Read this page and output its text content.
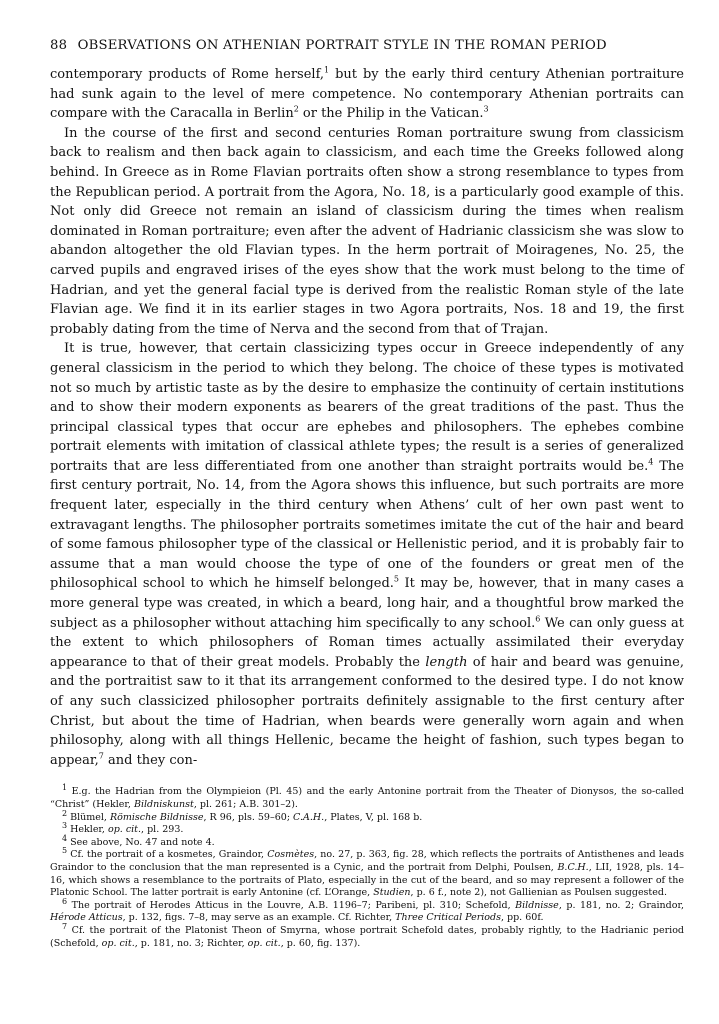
88 OBSERVATIONS ON ATHENIAN PORTRAIT STYLE IN THE ROMAN PERIOD

contemporary products of Rome herself,$^1$ but by the early third century Athenian portraiture had sunk again to the level of mere competence. No contemporary Athenian portraits can compare with the Caracalla in Berlin$^2$ or the Philip in the Vatican.$^3$

In the course of the first and second centuries Roman portraiture swung from classicism back to realism and then back again to classicism, and each time the Greeks followed along behind. In Greece as in Rome Flavian portraits often show a strong resemblance to types from the Republican period. A portrait from the Agora, No. 18, is a particularly good example of this. Not only did Greece not remain an island of classicism during the times when realism dominated in Roman portraiture; even after the advent of Hadrianic classicism she was slow to abandon altogether the old Flavian types. In the herm portrait of Moiragenes, No. 25, the carved pupils and engraved irises of the eyes show that the work must belong to the time of Hadrian, and yet the general facial type is derived from the realistic Roman style of the late Flavian age. We find it in its earlier stages in two Agora portraits, Nos. 18 and 19, the first probably dating from the time of Nerva and the second from that of Trajan.

It is true, however, that certain classicizing types occur in Greece independently of any general classicism in the period to which they belong. The choice of these types is motivated not so much by artistic taste as by the desire to emphasize the continuity of certain institutions and to show their modern exponents as bearers of the great traditions of the past. Thus the principal classical types that occur are ephebes and philosophers. The ephebes combine portrait elements with imitation of classical athlete types; the result is a series of generalized portraits that are less differentiated from one another than straight portraits would be.$^4$ The first century portrait, No. 14, from the Agora shows this influence, but such portraits are more frequent later, especially in the third century when Athens’ cult of her own past went to extravagant lengths. The philosopher portraits sometimes imitate the cut of the hair and beard of some famous philosopher type of the classical or Hellenistic period, and it is probably fair to assume that a man would choose the type of one of the founders or great men of the philosophical school to which he himself belonged.$^5$ It may be, however, that in many cases a more general type was created, in which a beard, long hair, and a thoughtful brow marked the subject as a philosopher without attaching him specifically to any school.$^6$ We can only guess at the extent to which philosophers of Roman times actually assimilated their everyday appearance to that of their great models. Probably the length of hair and beard was genuine, and the portraitist saw to it that its arrangement conformed to the desired type. I do not know of any such classicized philosopher portraits definitely assignable to the first century after Christ, but about the time of Hadrian, when beards were generally worn again and when philosophy, along with all things Hellenic, became the height of fashion, such types began to appear,$^7$ and they con-

$^1$ E.g. the Hadrian from the Olympieion (Pl. 45) and the early Antonine portrait from the Theater of Dionysos, the so-called “Christ” (Hekler, Bildniskunst, pl. 261; A.B. 301–2).

$^2$ Blümel, Römische Bildnisse, R 96, pls. 59–60; C.A.H., Plates, V, pl. 168 b.

$^3$ Hekler, op. cit., pl. 293.

$^4$ See above, No. 47 and note 4.

$^5$ Cf. the portrait of a kosmetes, Graindor, Cosmètes, no. 27, p. 363, fig. 28, which reflects the portraits of Antisthenes and leads Graindor to the conclusion that the man represented is a Cynic, and the portrait from Delphi, Poulsen, B.C.H., LII, 1928, pls. 14–16, which shows a resemblance to the portraits of Plato, especially in the cut of the beard, and so may represent a follower of the Platonic School. The latter portrait is early Antonine (cf. L’Orange, Studien, p. 6 f., note 2), not Gallienian as Poulsen suggested.

$^6$ The portrait of Herodes Atticus in the Louvre, A.B. 1196–7; Paribeni, pl. 310; Schefold, Bildnisse, p. 181, no. 2; Graindor, Hérode Atticus, p. 132, figs. 7–8, may serve as an example. Cf. Richter, Three Critical Periods, pp. 60f.

$^7$ Cf. the portrait of the Platonist Theon of Smyrna, whose portrait Schefold dates, probably rightly, to the Hadrianic period (Schefold, op. cit., p. 181, no. 3; Richter, op. cit., p. 60, fig. 137).
